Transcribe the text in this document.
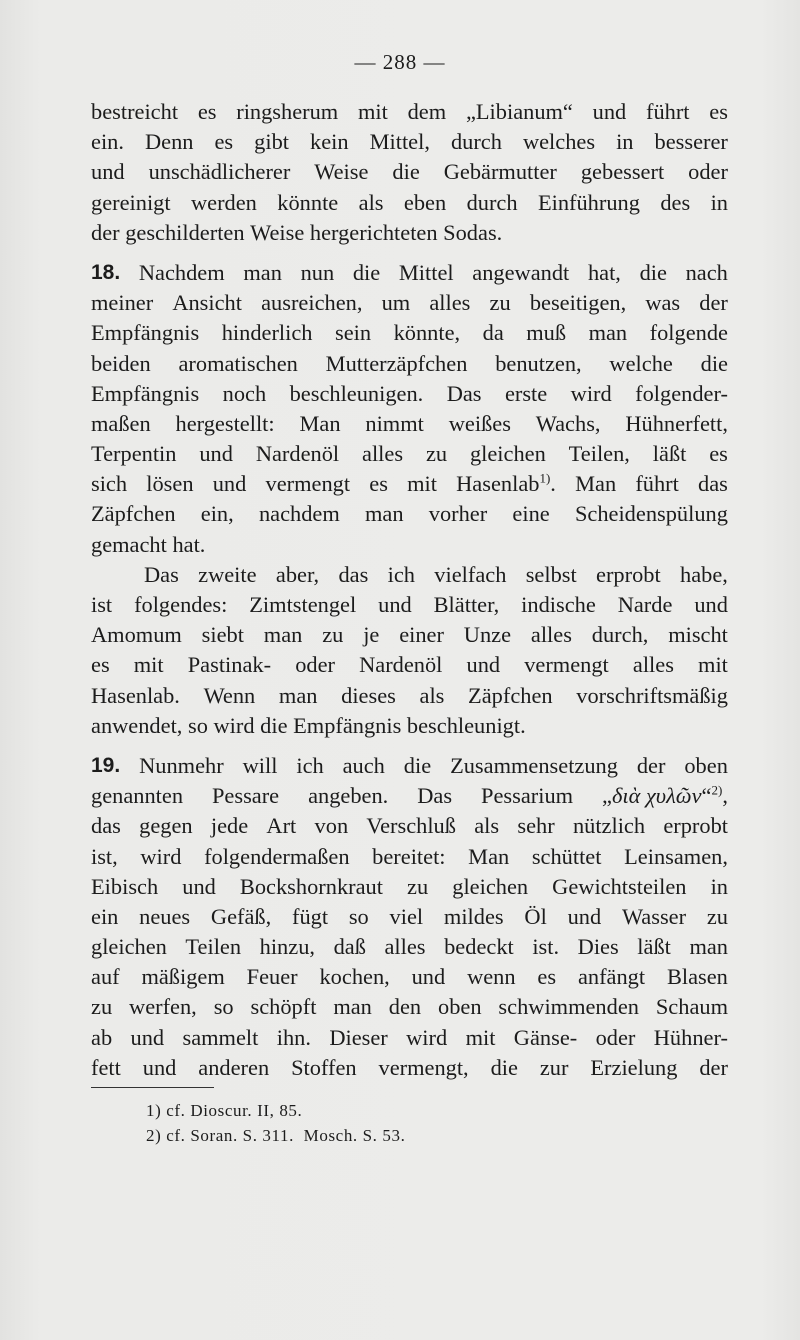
— 288 —
bestreicht es ringsherum mit dem „Libianum“ und führt es
ein. Denn es gibt kein Mittel, durch welches in besserer
und unschädlicherer Weise die Gebärmutter gebessert oder
gereinigt werden könnte als eben durch Einführung des in
der geschilderten Weise hergerichteten Sodas.
18. Nachdem man nun die Mittel angewandt hat, die nach
meiner Ansicht ausreichen, um alles zu beseitigen, was der
Empfängnis hinderlich sein könnte, da muß man folgende
beiden aromatischen Mutterzäpfchen benutzen, welche die
Empfängnis noch beschleunigen. Das erste wird folgender-
maßen hergestellt: Man nimmt weißes Wachs, Hühnerfett,
Terpentin und Nardenöl alles zu gleichen Teilen, läßt es
sich lösen und vermengt es mit Hasenlab$^{1)}$. Man führt das
Zäpfchen ein, nachdem man vorher eine Scheidenspülung
gemacht hat.
Das zweite aber, das ich vielfach selbst erprobt habe,
ist folgendes: Zimtstengel und Blätter, indische Narde und
Amomum siebt man zu je einer Unze alles durch, mischt
es mit Pastinak- oder Nardenöl und vermengt alles mit
Hasenlab. Wenn man dieses als Zäpfchen vorschriftsmäßig
anwendet, so wird die Empfängnis beschleunigt.
19. Nunmehr will ich auch die Zusammensetzung der oben
genannten Pessare angeben. Das Pessarium „διὰ χυλῶν“$^{2)}$,
das gegen jede Art von Verschluß als sehr nützlich erprobt
ist, wird folgendermaßen bereitet: Man schüttet Leinsamen,
Eibisch und Bockshornkraut zu gleichen Gewichtsteilen in
ein neues Gefäß, fügt so viel mildes Öl und Wasser zu
gleichen Teilen hinzu, daß alles bedeckt ist. Dies läßt man
auf mäßigem Feuer kochen, und wenn es anfängt Blasen
zu werfen, so schöpft man den oben schwimmenden Schaum
ab und sammelt ihn. Dieser wird mit Gänse- oder Hühner-
fett und anderen Stoffen vermengt, die zur Erzielung der
1) cf. Dioscur. II, 85.
2) cf. Soran. S. 311.  Mosch. S. 53.
